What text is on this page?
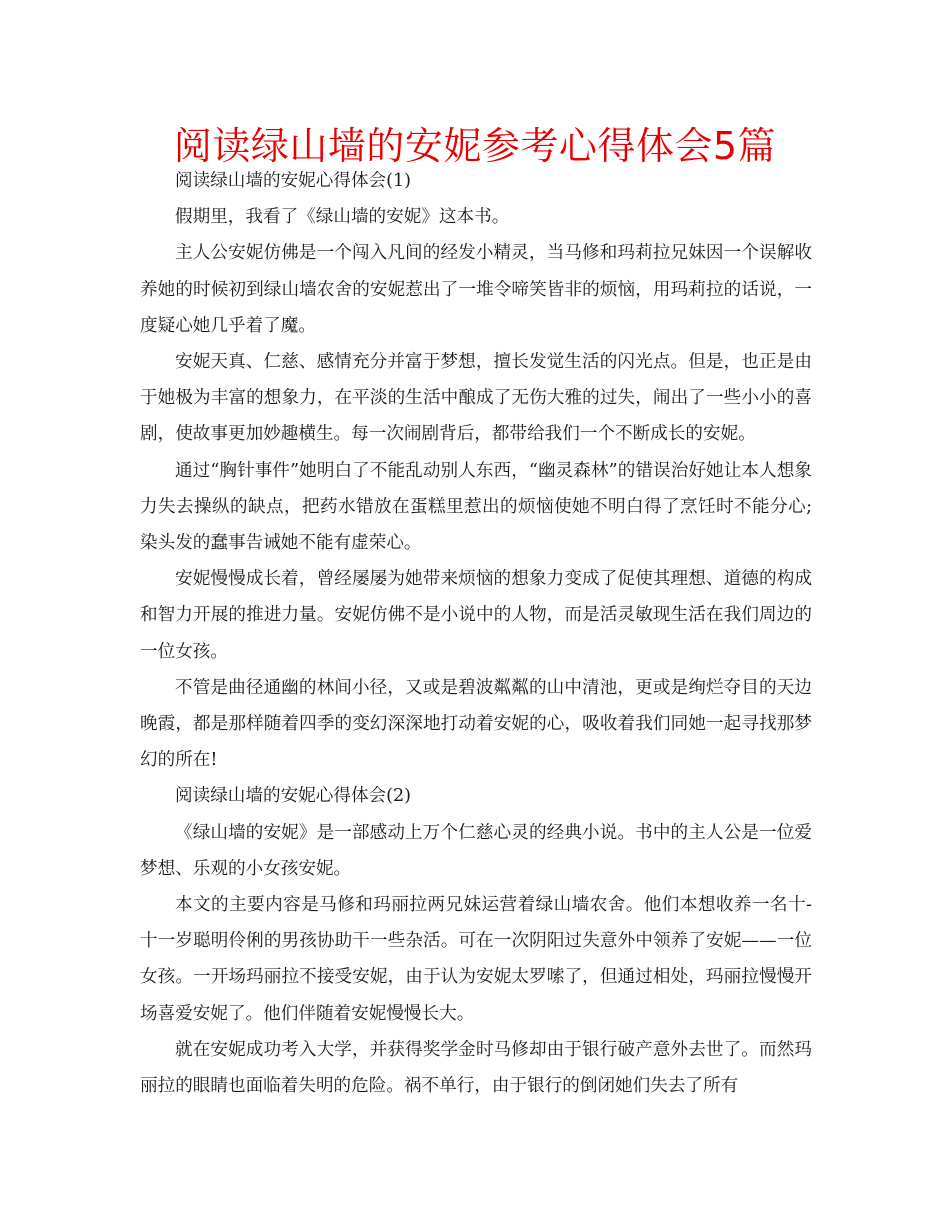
阅读绿山墙的安妮参考心得体会5篇

阅读绿山墙的安妮心得体会(1)

假期里，我看了《绿山墙的安妮》这本书。

主人公安妮仿佛是一个闯入凡间的经发小精灵，当马修和玛莉拉兄妹因一个误解收养她的时候初到绿山墙农舍的安妮惹出了一堆令啼笑皆非的烦恼，用玛莉拉的话说，一度疑心她几乎着了魔。

安妮天真、仁慈、感情充分并富于梦想，擅长发觉生活的闪光点。但是，也正是由于她极为丰富的想象力，在平淡的生活中酿成了无伤大雅的过失，闹出了一些小小的喜剧，使故事更加妙趣横生。每一次闹剧背后，都带给我们一个不断成长的安妮。

通过“胸针事件”她明白了不能乱动别人东西，“幽灵森林”的错误治好她让本人想象力失去操纵的缺点，把药水错放在蛋糕里惹出的烦恼使她不明白得了烹饪时不能分心;染头发的蠢事告诫她不能有虚荣心。

安妮慢慢成长着，曾经屡屡为她带来烦恼的想象力变成了促使其理想、道德的构成和智力开展的推进力量。安妮仿佛不是小说中的人物，而是活灵敏现生活在我们周边的一位女孩。

不管是曲径通幽的林间小径，又或是碧波粼粼的山中清池，更或是绚烂夺目的天边晚霞，都是那样随着四季的变幻深深地打动着安妮的心，吸收着我们同她一起寻找那梦幻的所在!

阅读绿山墙的安妮心得体会(2)

《绿山墙的安妮》是一部感动上万个仁慈心灵的经典小说。书中的主人公是一位爱梦想、乐观的小女孩安妮。

本文的主要内容是马修和玛丽拉两兄妹运营着绿山墙农舍。他们本想收养一名十-十一岁聪明伶俐的男孩协助干一些杂活。可在一次阴阳过失意外中领养了安妮——一位女孩。一开场玛丽拉不接受安妮，由于认为安妮太罗嗦了，但通过相处，玛丽拉慢慢开场喜爱安妮了。他们伴随着安妮慢慢长大。

就在安妮成功考入大学，并获得奖学金时马修却由于银行破产意外去世了。而然玛丽拉的眼睛也面临着失明的危险。祸不单行，由于银行的倒闭她们失去了所有
